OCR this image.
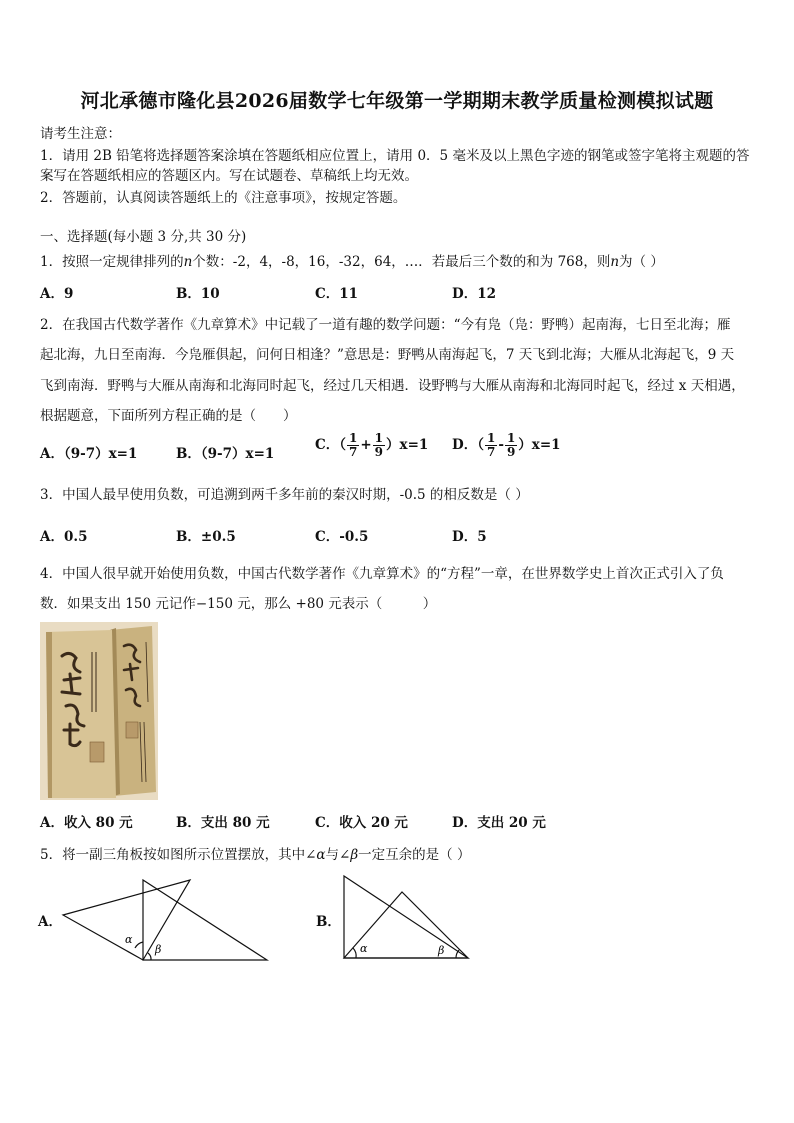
河北承德市隆化县2026届数学七年级第一学期期末教学质量检测模拟试题
请考生注意：
1．请用 2B 铅笔将选择题答案涂填在答题纸相应位置上，请用 0．5 毫米及以上黑色字迹的钢笔或签字笔将主观题的答
案写在答题纸相应的答题区内。写在试题卷、草稿纸上均无效。
2．答题前，认真阅读答题纸上的《注意事项》，按规定答题。
一、选择题(每小题 3 分,共 30 分)
1．按照一定规律排列的n个数：-2，4，-8，16，-32，64，…．若最后三个数的和为 768，则n为（ ）
A．9	B．10	C．11	D．12
2．在我国古代数学著作《九章算术》中记载了一道有趣的数学问题：“今有凫（凫：野鸭）起南海，七日至北海；雁
起北海，九日至南海．今凫雁俱起，问何日相逢？”意思是：野鸭从南海起飞，7 天飞到北海；大雁从北海起飞，9 天
飞到南海．野鸭与大雁从南海和北海同时起飞，经过几天相遇．设野鸭与大雁从南海和北海同时起飞，经过 x 天相遇，
根据题意，下面所列方程正确的是（　　）
A．（9-7）x=1	B．（9-7）x=1
C．（ $\frac{1}{7} + \frac{1}{9} )x=1$ D．（ $\frac{1}{7} - \frac{1}{9} )x=1$
3．中国人最早使用负数，可追溯到两千多年前的秦汉时期，-0.5 的相反数是（ ）
A．0.5	B．±0.5	C．-0.5	D．5
4．中国人很早就开始使用负数，中国古代数学著作《九章算术》的“方程”一章，在世界数学史上首次正式引入了负
数．如果支出 150 元记作−150 元，那么 +80 元表示（　　　）
A．收入 80 元	B．支出 80 元	C．收入 20 元	D．支出 20 元
5．将一副三角板按如图所示位置摆放，其中∠α与∠β一定互余的是（ ）
A．
α
β
B．
α	β
